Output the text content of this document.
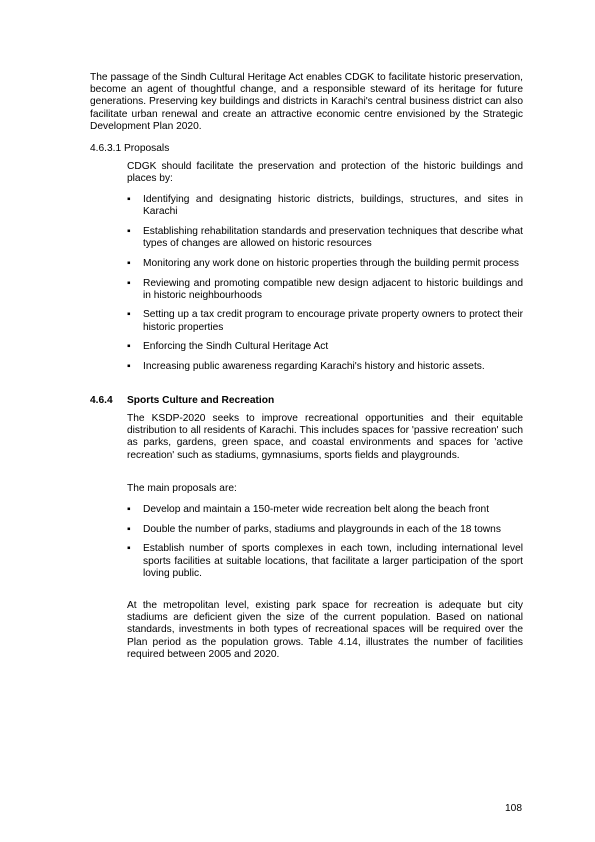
The passage of the Sindh Cultural Heritage Act enables CDGK to facilitate historic preservation, become an agent of thoughtful change, and a responsible steward of its heritage for future generations. Preserving key buildings and districts in Karachi's central business district can also facilitate urban renewal and create an attractive economic centre envisioned by the Strategic Development Plan 2020.

4.6.3.1 Proposals

CDGK should facilitate the preservation and protection of the historic buildings and places by:

▪ Identifying and designating historic districts, buildings, structures, and sites in Karachi
▪ Establishing rehabilitation standards and preservation techniques that describe what types of changes are allowed on historic resources
▪ Monitoring any work done on historic properties through the building permit process
▪ Reviewing and promoting compatible new design adjacent to historic buildings and in historic neighbourhoods
▪ Setting up a tax credit program to encourage private property owners to protect their historic properties
▪ Enforcing the Sindh Cultural Heritage Act
▪ Increasing public awareness regarding Karachi's history and historic assets.
4.6.4 Sports Culture and Recreation

The KSDP-2020 seeks to improve recreational opportunities and their equitable distribution to all residents of Karachi. This includes spaces for 'passive recreation' such as parks, gardens, green space, and coastal environments and spaces for 'active recreation' such as stadiums, gymnasiums, sports fields and playgrounds.

The main proposals are:

▪ Develop and maintain a 150-meter wide recreation belt along the beach front
▪ Double the number of parks, stadiums and playgrounds in each of the 18 towns
▪ Establish number of sports complexes in each town, including international level sports facilities at suitable locations, that facilitate a larger participation of the sport loving public.

At the metropolitan level, existing park space for recreation is adequate but city stadiums are deficient given the size of the current population. Based on national standards, investments in both types of recreational spaces will be required over the Plan period as the population grows. Table 4.14, illustrates the number of facilities required between 2005 and 2020.

108
